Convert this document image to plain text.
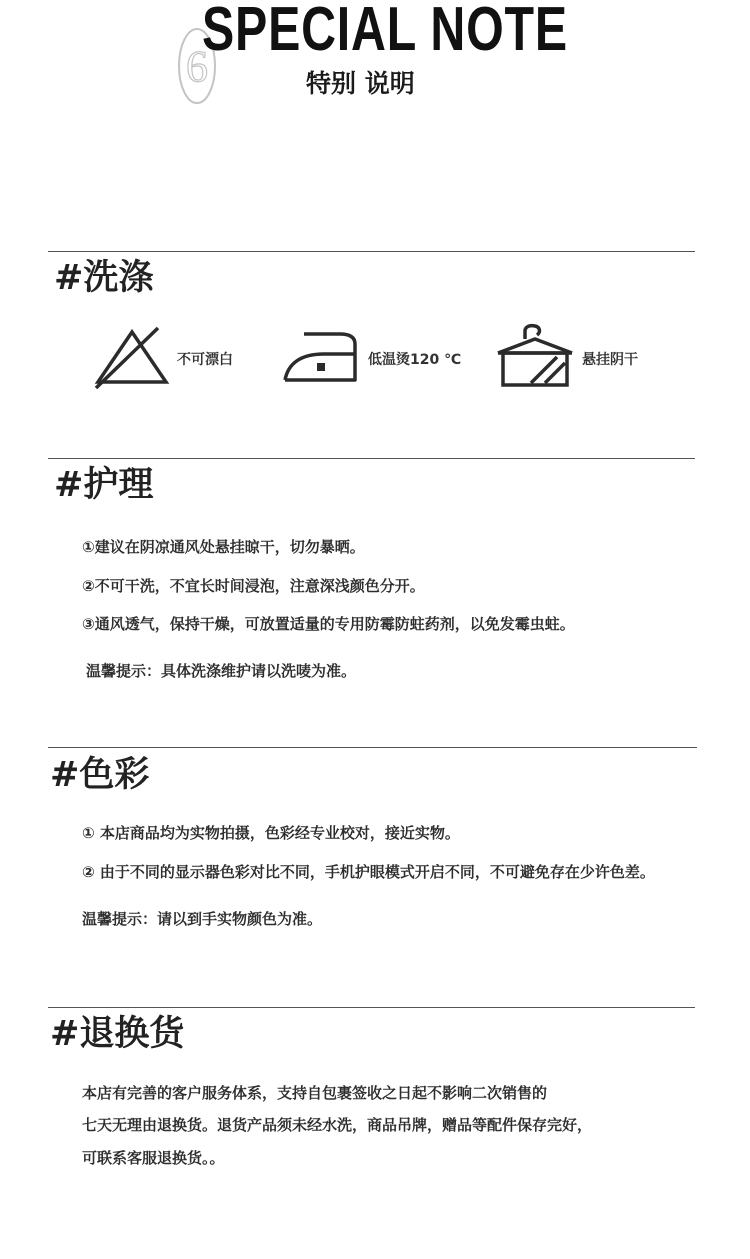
6
SPECIAL NOTE
特别 说明
#洗涤
不可漂白	低温烫120 ℃	悬挂阴干
#护理
①建议在阴凉通风处悬挂晾干，切勿暴晒。
②不可干洗，不宜长时间浸泡，注意深浅颜色分开。
③通风透气，保持干燥，可放置适量的专用防霉防蛀药剂，以免发霉虫蛀。
温馨提示：具体洗涤维护请以洗唛为准。
#色彩
① 本店商品均为实物拍摄，色彩经专业校对，接近实物。
② 由于不同的显示器色彩对比不同，手机护眼模式开启不同，不可避免存在少许色差。
温馨提示：请以到手实物颜色为准。
#退换货
本店有完善的客户服务体系，支持自包裹签收之日起不影响二次销售的
七天无理由退换货。退货产品须未经水洗，商品吊牌，赠品等配件保存完好，
可联系客服退换货。。
